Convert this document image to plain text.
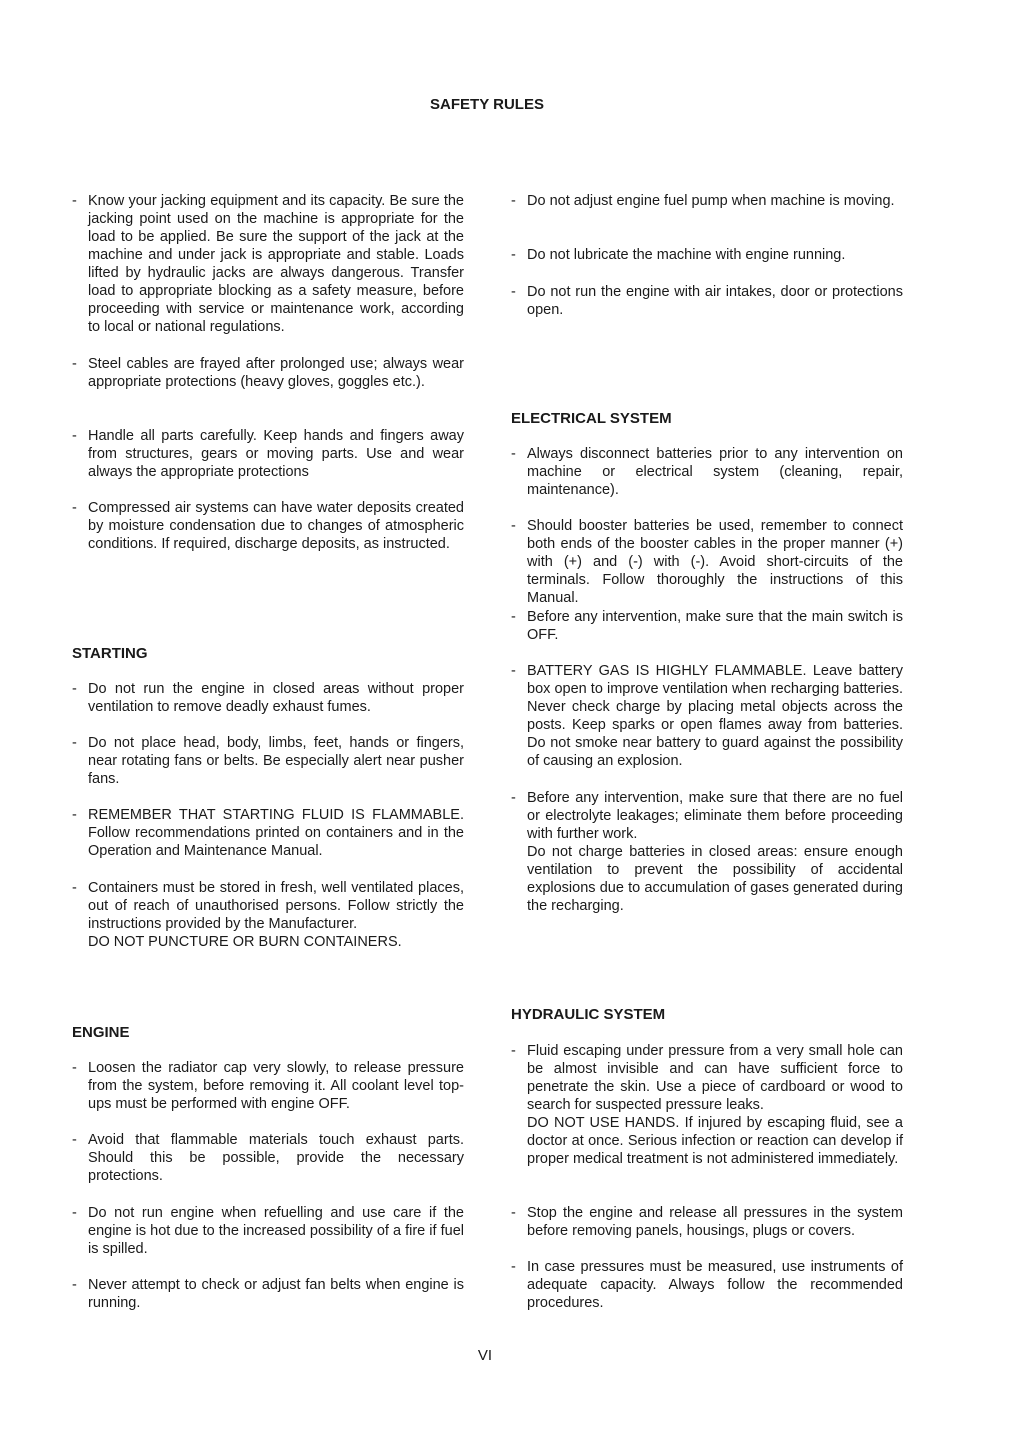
SAFETY RULES
- Know your jacking equipment and its capacity. Be sure the jacking point used on the machine is appropriate for the load to be applied. Be sure the support of the jack at the machine and under jack is appropriate and stable. Loads lifted by hydraulic jacks are always dangerous. Transfer load to appropriate blocking as a safety measure, before proceeding with service or maintenance work, according to local or national regulations.
- Steel cables are frayed after prolonged use; always wear appropriate protections (heavy gloves, goggles etc.).
- Handle all parts carefully. Keep hands and fingers away from structures, gears or moving parts. Use and wear always the appropriate protections
- Compressed air systems can have water deposits created by moisture condensation due to changes of atmospheric conditions. If required, discharge deposits, as instructed.
STARTING
- Do not run the engine in closed areas without proper ventilation to remove deadly exhaust fumes.
- Do not place head, body, limbs, feet, hands or fingers, near rotating fans or belts. Be especially alert near pusher fans.
- REMEMBER THAT STARTING FLUID IS FLAMMABLE. Follow recommendations printed on containers and in the Operation and Maintenance Manual.
- Containers must be stored in fresh, well ventilated places, out of reach of unauthorised persons. Follow strictly the instructions provided by the Manufacturer.
DO NOT PUNCTURE OR BURN CONTAINERS.
ENGINE
- Loosen the radiator cap very slowly, to release pressure from the system, before removing it. All coolant level top-ups must be performed with engine OFF.
- Avoid that flammable materials touch exhaust parts. Should this be possible, provide the necessary protections.
- Do not run engine when refuelling and use care if the engine is hot due to the increased possibility of a fire if fuel is spilled.
- Never attempt to check or adjust fan belts when engine is running.
- Do not adjust engine fuel pump when machine is moving.
- Do not lubricate the machine with engine running.
- Do not run the engine with air intakes, door or protections open.
ELECTRICAL SYSTEM
- Always disconnect batteries prior to any intervention on machine or electrical system (cleaning, repair, maintenance).
- Should booster batteries be used, remember to connect both ends of the booster cables in the proper manner (+) with (+) and (-) with (-). Avoid short-circuits of the terminals. Follow thoroughly the instructions of this Manual.
- Before any intervention, make sure that the main switch is OFF.
- BATTERY GAS IS HIGHLY FLAMMABLE. Leave battery box open to improve ventilation when recharging batteries. Never check charge by placing metal objects across the posts. Keep sparks or open flames away from batteries. Do not smoke near battery to guard against the possibility of causing an explosion.
- Before any intervention, make sure that there are no fuel or electrolyte leakages; eliminate them before proceeding with further work.
Do not charge batteries in closed areas: ensure enough ventilation to prevent the possibility of accidental explosions due to accumulation of gases generated during the recharging.
HYDRAULIC SYSTEM
- Fluid escaping under pressure from a very small hole can be almost invisible and can have sufficient force to penetrate the skin. Use a piece of cardboard or wood to search for suspected pressure leaks.
DO NOT USE HANDS. If injured by escaping fluid, see a doctor at once. Serious infection or reaction can develop if proper medical treatment is not administered immediately.
- Stop the engine and release all pressures in the system before removing panels, housings, plugs or covers.
- In case pressures must be measured, use instruments of adequate capacity. Always follow the recommended procedures.
VI
